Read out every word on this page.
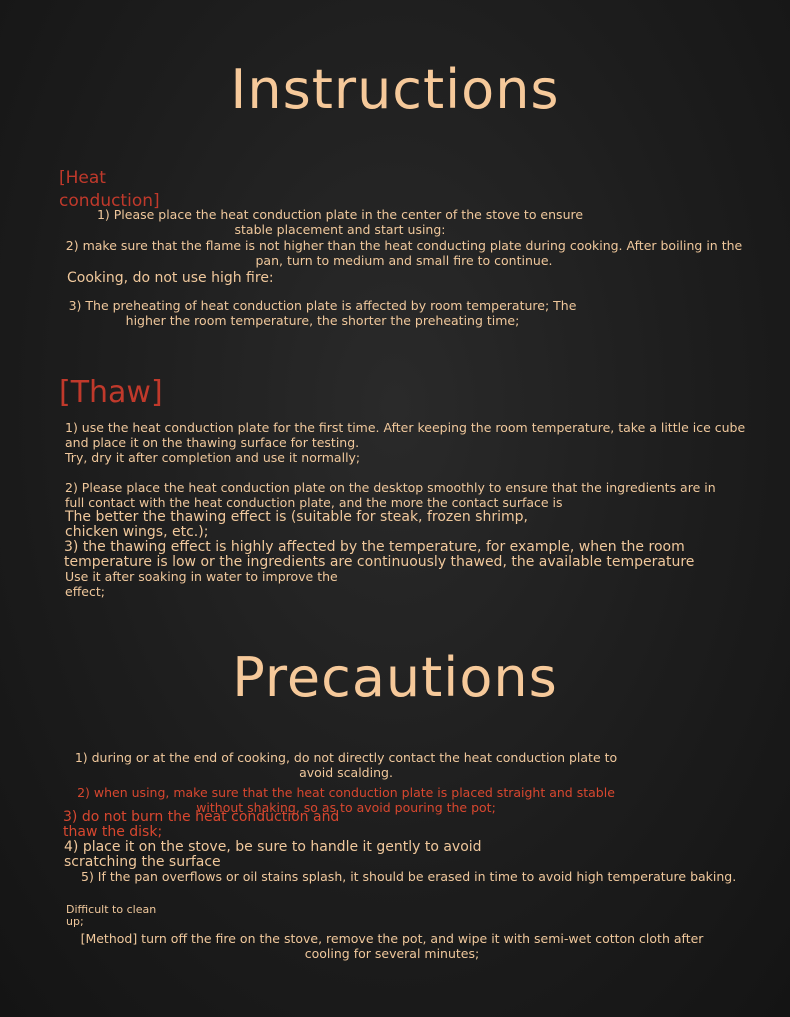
Instructions
[Heat conduction]

1) Please place the heat conduction plate in the center of the stove to ensure stable placement and start using:

2) make sure that the flame is not higher than the heat conducting plate during cooking. After boiling in the pan, turn to medium and small fire to continue.

Cooking, do not use high fire:

3) The preheating of heat conduction plate is affected by room temperature; The higher the room temperature, the shorter the preheating time;

[Thaw]

1) use the heat conduction plate for the first time. After keeping the room temperature, take a little ice cube and place it on the thawing surface for testing.

Try, dry it after completion and use it normally;

2) Please place the heat conduction plate on the desktop smoothly to ensure that the ingredients are in full contact with the heat conduction plate, and the more the contact surface is

The better the thawing effect is (suitable for steak, frozen shrimp, chicken wings, etc.);

3) the thawing effect is highly affected by the temperature, for example, when the room temperature is low or the ingredients are continuously thawed, the available temperature

Use it after soaking in water to improve the effect;

Precautions

1) during or at the end of cooking, do not directly contact the heat conduction plate to avoid scalding.

2) when using, make sure that the heat conduction plate is placed straight and stable without shaking, so as to avoid pouring the pot;

3) do not burn the heat conduction and thaw the disk;

4) place it on the stove, be sure to handle it gently to avoid scratching the surface

5) If the pan overflows or oil stains splash, it should be erased in time to avoid high temperature baking.

Difficult to clean up;

[Method] turn off the fire on the stove, remove the pot, and wipe it with semi-wet cotton cloth after cooling for several minutes;
